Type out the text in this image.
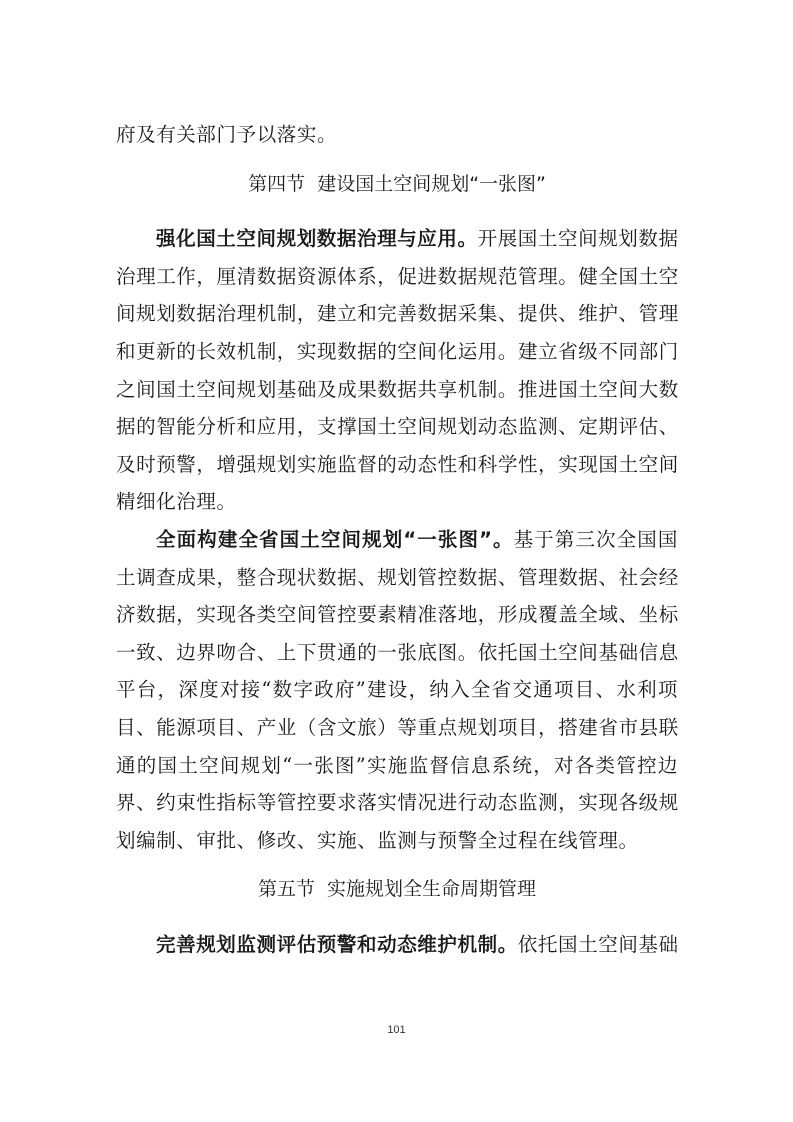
府及有关部门予以落实。
第四节  建设国土空间规划“一张图”
强化国土空间规划数据治理与应用。开展国土空间规划数据
治理工作，厘清数据资源体系，促进数据规范管理。健全国土空
间规划数据治理机制，建立和完善数据采集、提供、维护、管理
和更新的长效机制，实现数据的空间化运用。建立省级不同部门
之间国土空间规划基础及成果数据共享机制。推进国土空间大数
据的智能分析和应用，支撑国土空间规划动态监测、定期评估、
及时预警，增强规划实施监督的动态性和科学性，实现国土空间
精细化治理。
全面构建全省国土空间规划“一张图”。基于第三次全国国
土调查成果，整合现状数据、规划管控数据、管理数据、社会经
济数据，实现各类空间管控要素精准落地，形成覆盖全域、坐标
一致、边界吻合、上下贯通的一张底图。依托国土空间基础信息
平台，深度对接“数字政府”建设，纳入全省交通项目、水利项
目、能源项目、产业（含文旅）等重点规划项目，搭建省市县联
通的国土空间规划“一张图”实施监督信息系统，对各类管控边
界、约束性指标等管控要求落实情况进行动态监测，实现各级规
划编制、审批、修改、实施、监测与预警全过程在线管理。
第五节  实施规划全生命周期管理
完善规划监测评估预警和动态维护机制。依托国土空间基础
101
